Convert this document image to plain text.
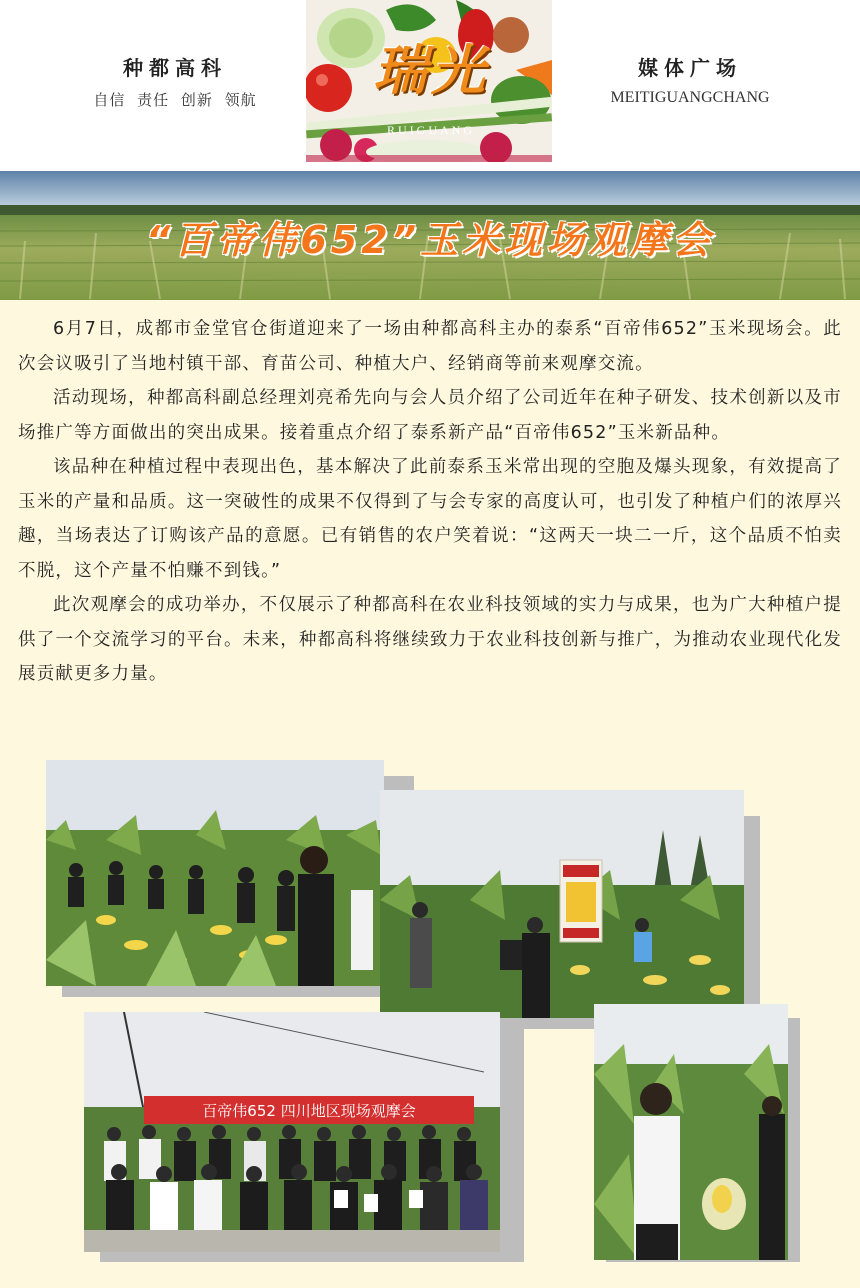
种都高科
自信 责任 创新 领航	瑞光
RUIGUANG
媒体广场
MEITIGUANGCHANG
“百帝伟652”玉米现场观摩会

6月7日，成都市金堂官仓街道迎来了一场由种都高科主办的泰系“百帝伟652”玉米现场会。此次会议吸引了当地村镇干部、育苗公司、种植大户、经销商等前来观摩交流。

活动现场，种都高科副总经理刘亮希先向与会人员介绍了公司近年在种子研发、技术创新以及市场推广等方面做出的突出成果。接着重点介绍了泰系新产品“百帝伟652”玉米新品种。

该品种在种植过程中表现出色，基本解决了此前泰系玉米常出现的空胞及爆头现象，有效提高了玉米的产量和品质。这一突破性的成果不仅得到了与会专家的高度认可，也引发了种植户们的浓厚兴趣，当场表达了订购该产品的意愿。已有销售的农户笑着说：“这两天一块二一斤，这个品质不怕卖不脱，这个产量不怕赚不到钱。”

此次观摩会的成功举办，不仅展示了种都高科在农业科技领域的实力与成果，也为广大种植户提供了一个交流学习的平台。未来，种都高科将继续致力于农业科技创新与推广，为推动农业现代化发展贡献更多力量。

百帝伟652 四川地区现场观摩会
